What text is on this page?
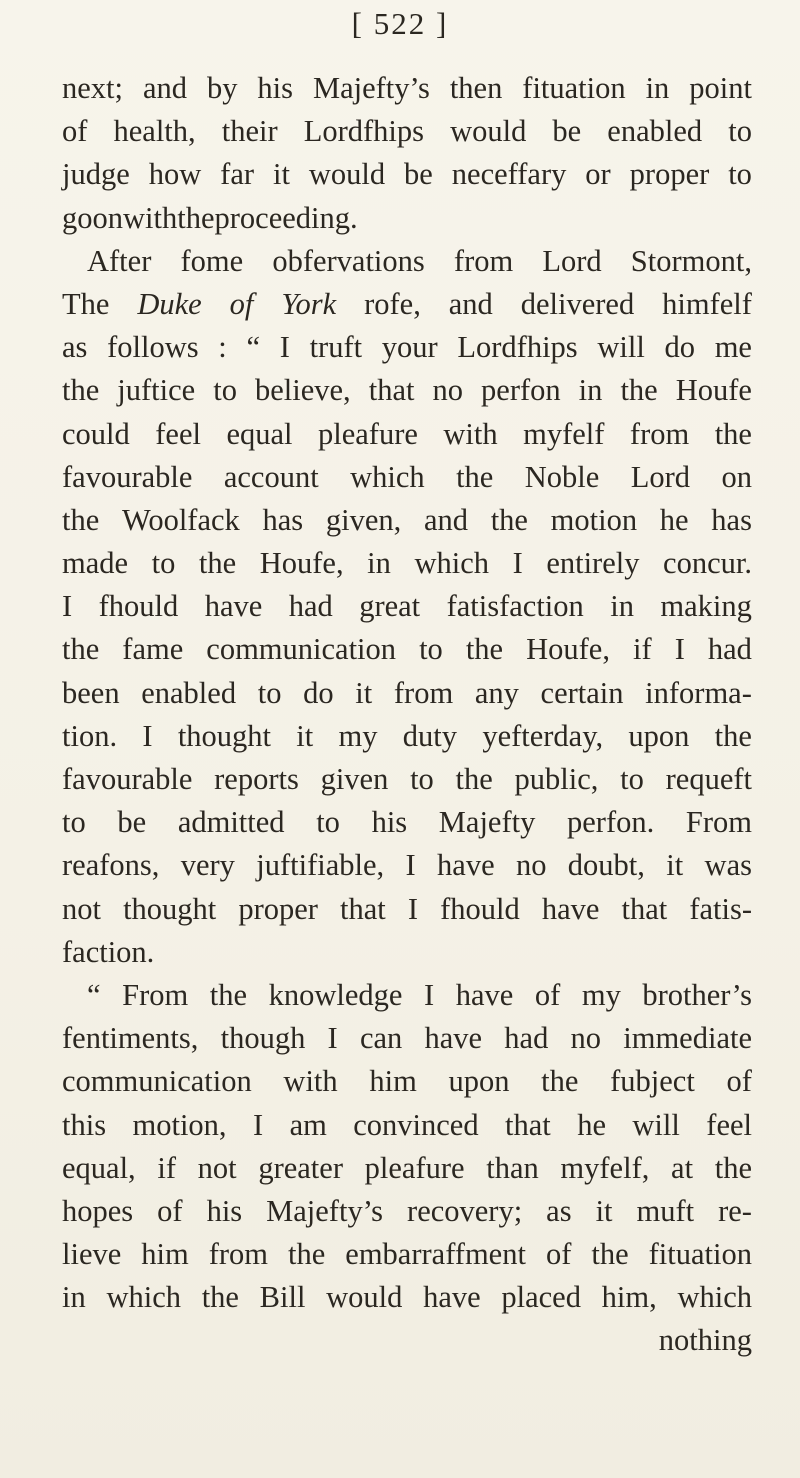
[ 522 ]
next; and by his Majefty’s then fituation in point
of health, their Lordfhips would be enabled to
judge how far it would be neceffary or proper to
go on with the proceeding.
After fome obfervations from Lord Stormont,
The Duke of York rofe, and delivered himfelf
as follows : “ I truft your Lordfhips will do me
the juftice to believe, that no perfon in the Houfe
could feel equal pleafure with myfelf from the
favourable account which the Noble Lord on
the Woolfack has given, and the motion he has
made to the Houfe, in which I entirely concur.
I fhould have had great fatisfaction in making
the fame communication to the Houfe, if I had
been enabled to do it from any certain informa-
tion. I thought it my duty yefterday, upon the
favourable reports given to the public, to requeft
to be admitted to his Majefty perfon. From
reafons, very juftifiable, I have no doubt, it was
not thought proper that I fhould have that fatis-
faction.
“ From the knowledge I have of my brother’s
fentiments, though I can have had no immediate
communication with him upon the fubject of
this motion, I am convinced that he will feel
equal, if not greater pleafure than myfelf, at the
hopes of his Majefty’s recovery; as it muft re-
lieve him from the embarraffment of the fituation
in which the Bill would have placed him, which
nothing
